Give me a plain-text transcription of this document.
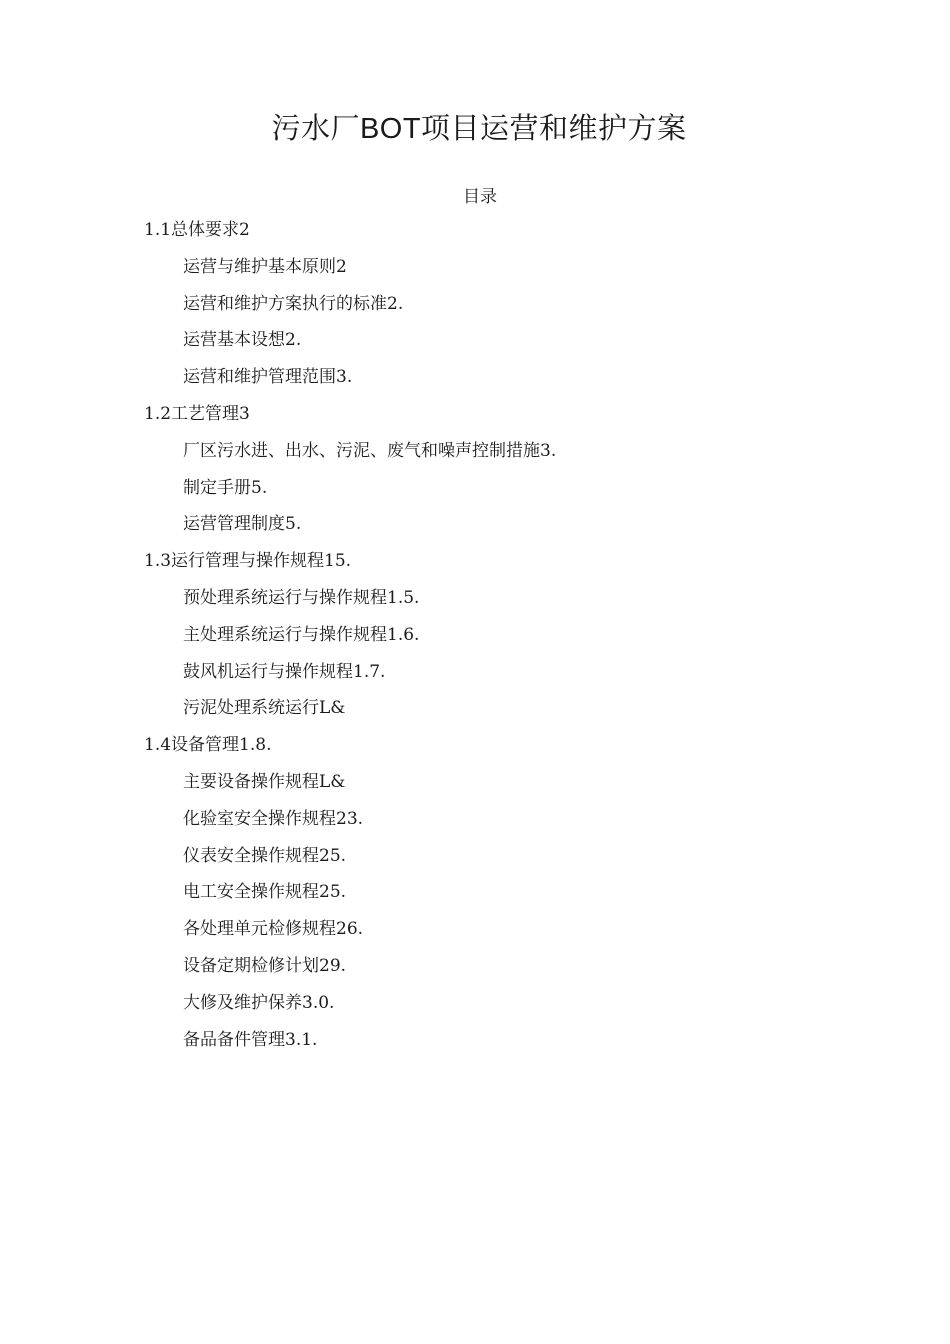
污水厂BOT项目运营和维护方案
目录
1.1总体要求2
运营与维护基本原则2
运营和维护方案执行的标准2.
运营基本设想2.
运营和维护管理范围3.
1.2工艺管理3
厂区污水进、出水、污泥、废气和噪声控制措施3.
制定手册5.
运营管理制度5.
1.3运行管理与操作规程15.
预处理系统运行与操作规程1.5.
主处理系统运行与操作规程1.6.
鼓风机运行与操作规程1.7.
污泥处理系统运行L&
1.4设备管理1.8.
主要设备操作规程L&
化验室安全操作规程23.
仪表安全操作规程25.
电工安全操作规程25.
各处理单元检修规程26.
设备定期检修计划29.
大修及维护保养3.0.
备品备件管理3.1.
